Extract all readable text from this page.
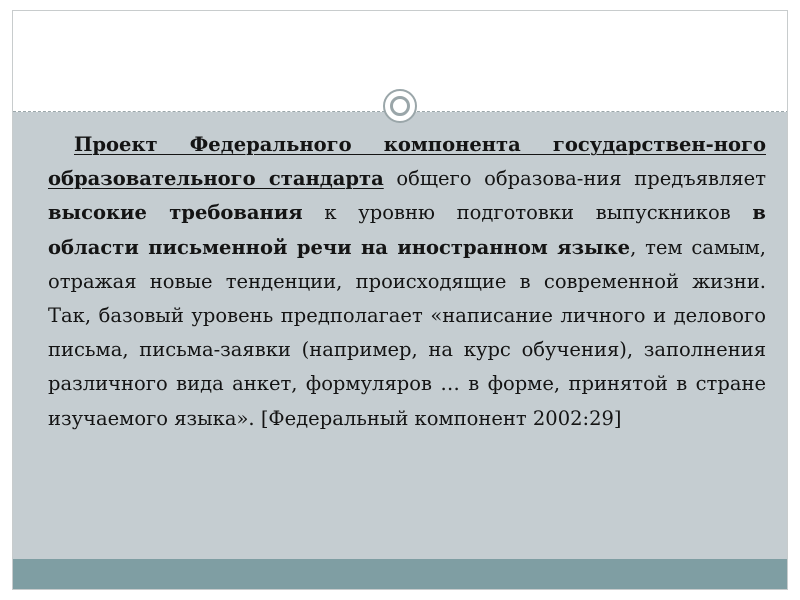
Проект Федерального компонента государствен-ного образовательного стандарта общего образова-ния предъявляет высокие требования к уровню подготовки выпускников в области письменной речи на иностранном языке, тем самым, отражая новые тенденции, происходящие в современной жизни. Так, базовый уровень предполагает «написание личного и делового письма, письма-заявки (например, на курс обучения), заполнения различного вида анкет, формуляров … в форме, принятой в стране изучаемого языка». [Федеральный компонент 2002:29]
